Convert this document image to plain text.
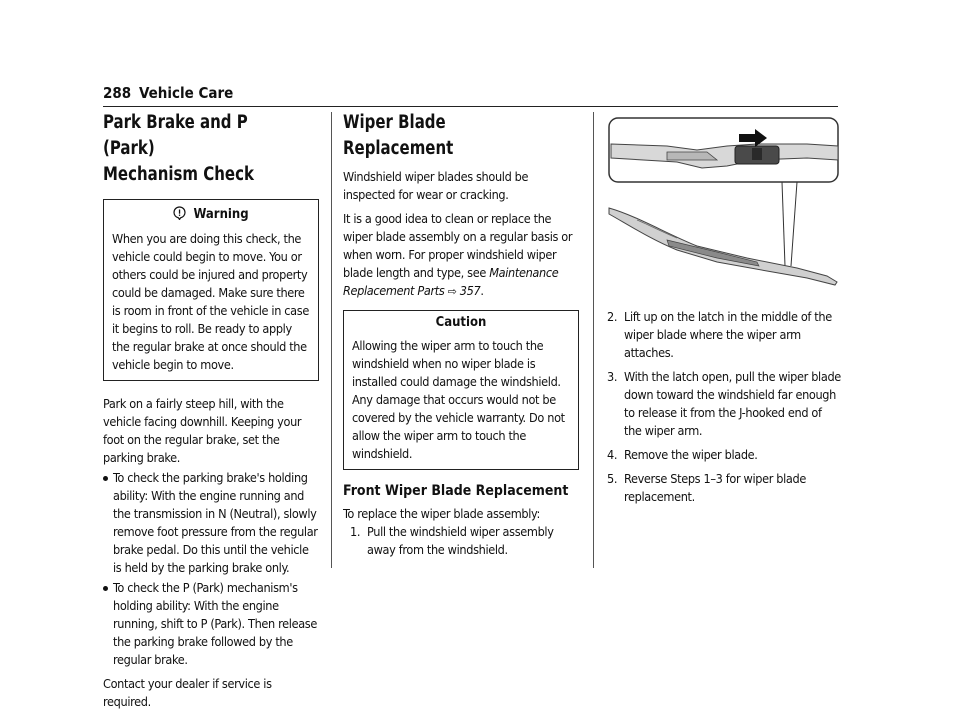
288 Vehicle Care
Park Brake and P (Park)
Mechanism Check
Warning

When you are doing this check, the vehicle could begin to move. You or others could be injured and property could be damaged. Make sure there is room in front of the vehicle in case it begins to roll. Be ready to apply the regular brake at once should the vehicle begin to move.

Park on a fairly steep hill, with the vehicle facing downhill. Keeping your foot on the regular brake, set the parking brake.

To check the parking brake's holding ability: With the engine running and the transmission in N (Neutral), slowly remove foot pressure from the regular brake pedal. Do this until the vehicle is held by the parking brake only.
To check the P (Park) mechanism's holding ability: With the engine running, shift to P (Park). Then release the parking brake followed by the regular brake.

Contact your dealer if service is required.

Wiper Blade Replacement

Windshield wiper blades should be inspected for wear or cracking.

It is a good idea to clean or replace the wiper blade assembly on a regular basis or when worn. For proper windshield wiper blade length and type, see Maintenance Replacement Parts ⇨ 357.

Caution

Allowing the wiper arm to touch the windshield when no wiper blade is installed could damage the windshield. Any damage that occurs would not be covered by the vehicle warranty. Do not allow the wiper arm to touch the windshield.

Front Wiper Blade Replacement

To replace the wiper blade assembly:

1. Pull the windshield wiper assembly away from the windshield.
2. Lift up on the latch in the middle of the wiper blade where the wiper arm attaches.
3. With the latch open, pull the wiper blade down toward the windshield far enough to release it from the J-hooked end of the wiper arm.
4. Remove the wiper blade.
5. Reverse Steps 1–3 for wiper blade replacement.
